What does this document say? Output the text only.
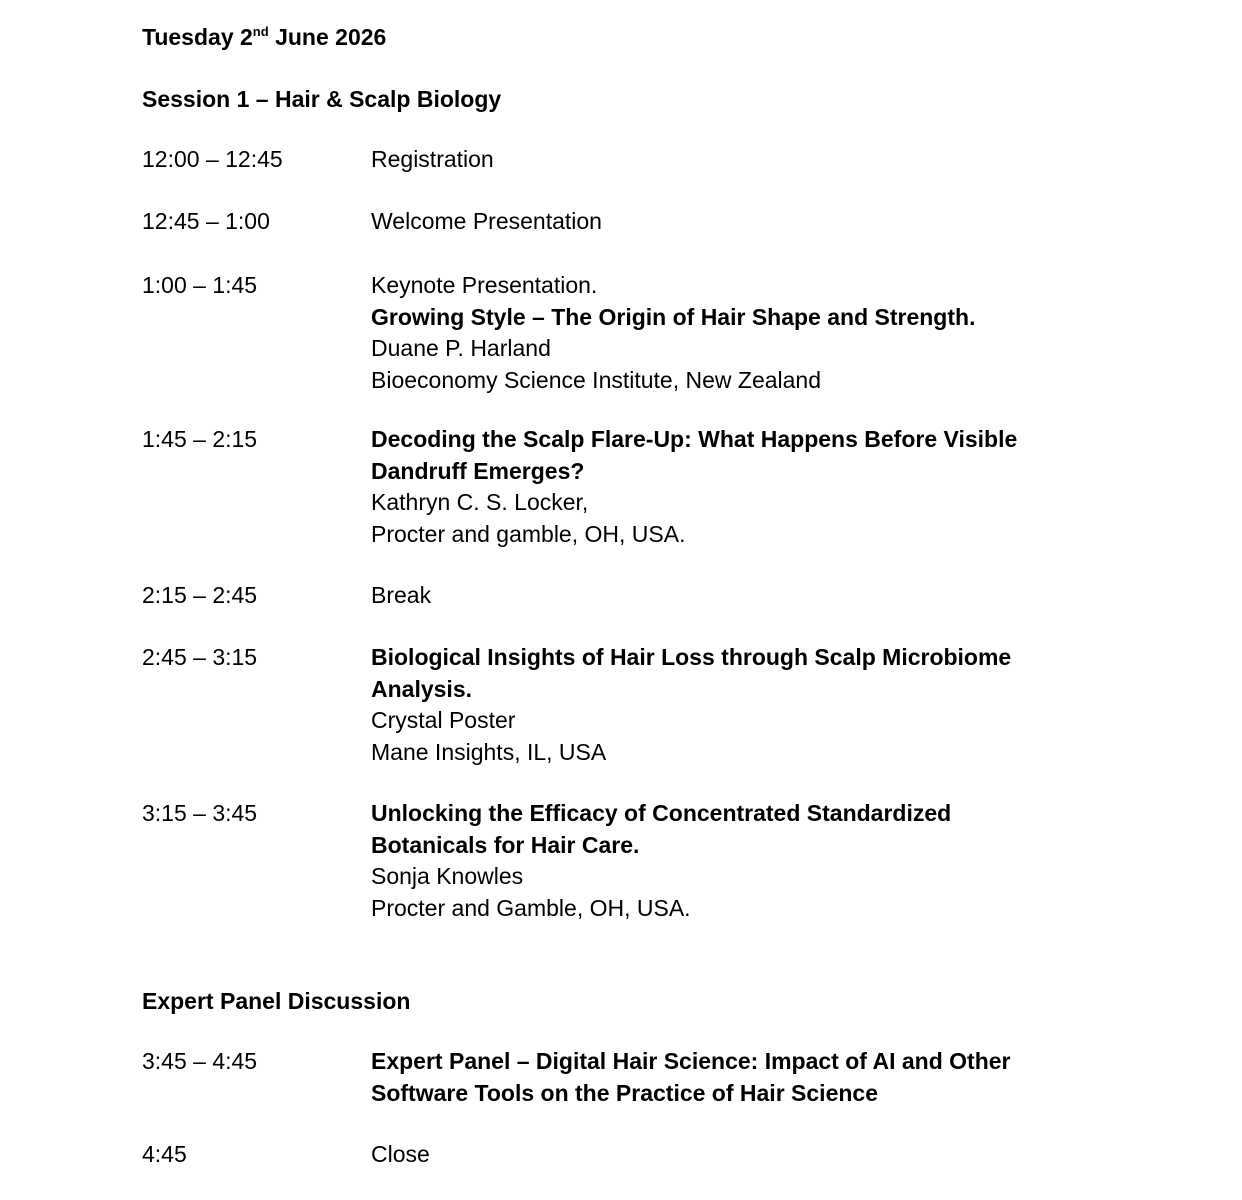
Tuesday 2nd June 2026
Session 1 – Hair & Scalp Biology
12:00 – 12:45	Registration
12:45 – 1:00	Welcome Presentation
1:00 – 1:45	Keynote Presentation.
Growing Style – The Origin of Hair Shape and Strength.
Duane P. Harland
Bioeconomy Science Institute, New Zealand
1:45 – 2:15	Decoding the Scalp Flare-Up: What Happens Before Visible
Dandruff Emerges?
Kathryn C. S. Locker,
Procter and gamble, OH, USA.
2:15 – 2:45	Break
2:45 – 3:15	Biological Insights of Hair Loss through Scalp Microbiome
Analysis.
Crystal Poster
Mane Insights, IL, USA
3:15 – 3:45	Unlocking the Efficacy of Concentrated Standardized
Botanicals for Hair Care.
Sonja Knowles
Procter and Gamble, OH, USA.
Expert Panel Discussion
3:45 – 4:45	Expert Panel – Digital Hair Science: Impact of AI and Other
Software Tools on the Practice of Hair Science
4:45	Close
